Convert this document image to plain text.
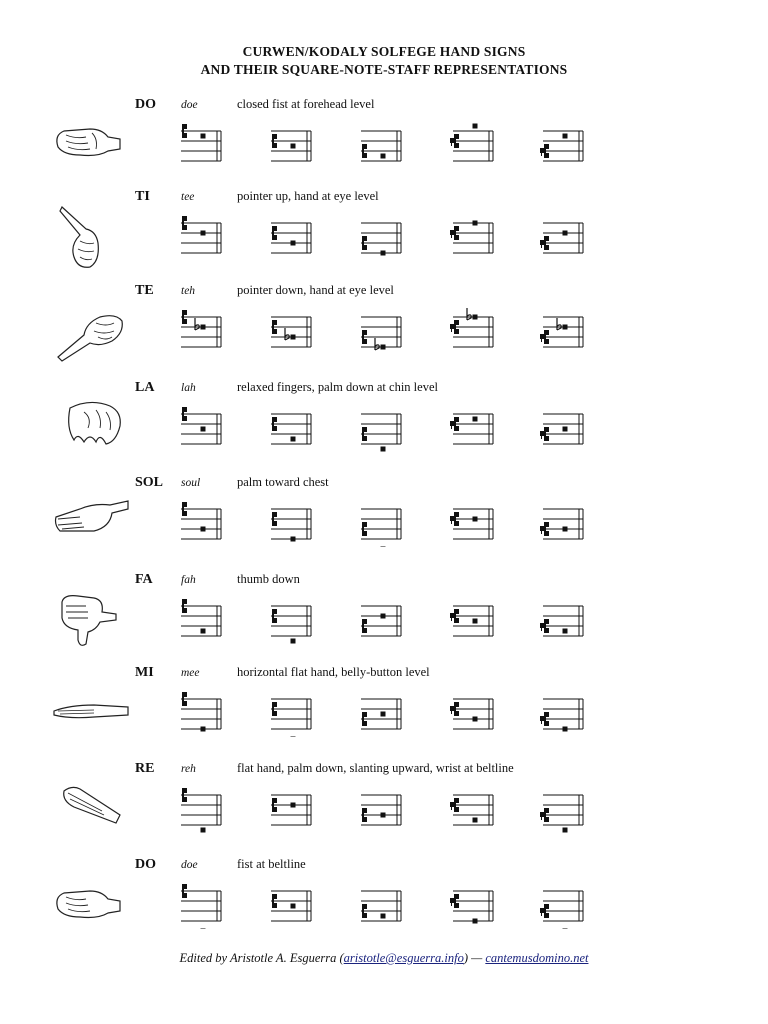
CURWEN/KODALY SOLFEGE HAND SIGNS
AND THEIR SQUARE-NOTE-STAFF REPRESENTATIONS
DO doe	closed fist at forehead level
TI	tee	pointer up, hand at eye level
TE teh	pointer down, hand at eye level
LA lah	relaxed fingers, palm down at chin level
SOL soul	palm toward chest
FA fah	thumb down
MI mee	horizontal flat hand, belly-button level
RE reh	flat hand, palm down, slanting upward, wrist at beltline
DO doe	fist at beltline
Edited by Aristotle A. Esguerra (aristotle@esguerra.info) — cantemusdomino.net
